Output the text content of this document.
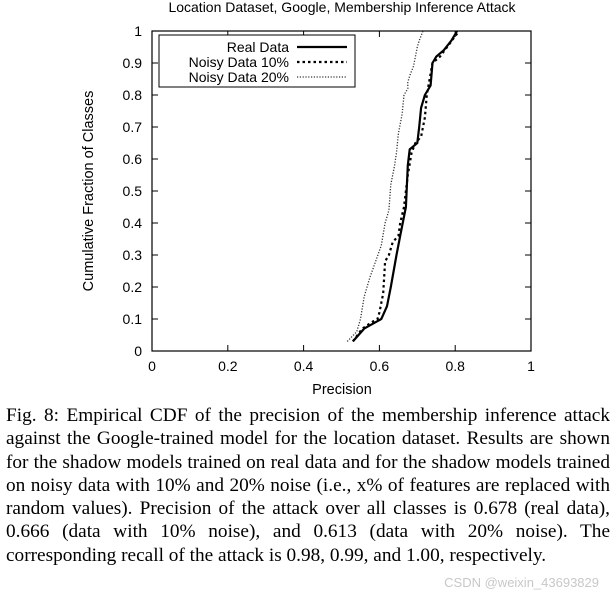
Location Dataset, Google, Membership Inference Attack
0	0.2	0.4	0.6	0.8	1
0
0.1
0.2
0.3
0.4
0.5
0.6
0.7
0.8
0.9
1
Real Data
Noisy Data 10%
Noisy Data 20%
Precision
Cumulative Fraction of Classes

Fig. 8: Empirical CDF of the precision of the membership inference attack against the Google-trained model for the location dataset. Results are shown for the shadow models trained on real data and for the shadow models trained on noisy data with 10% and 20% noise (i.e., x% of features are replaced with random values). Precision of the attack over all classes is 0.678 (real data), 0.666 (data with 10% noise), and 0.613 (data with 20% noise). The corresponding recall of the attack is 0.98, 0.99, and 1.00, respectively.

CSDN @weixin_43693829
